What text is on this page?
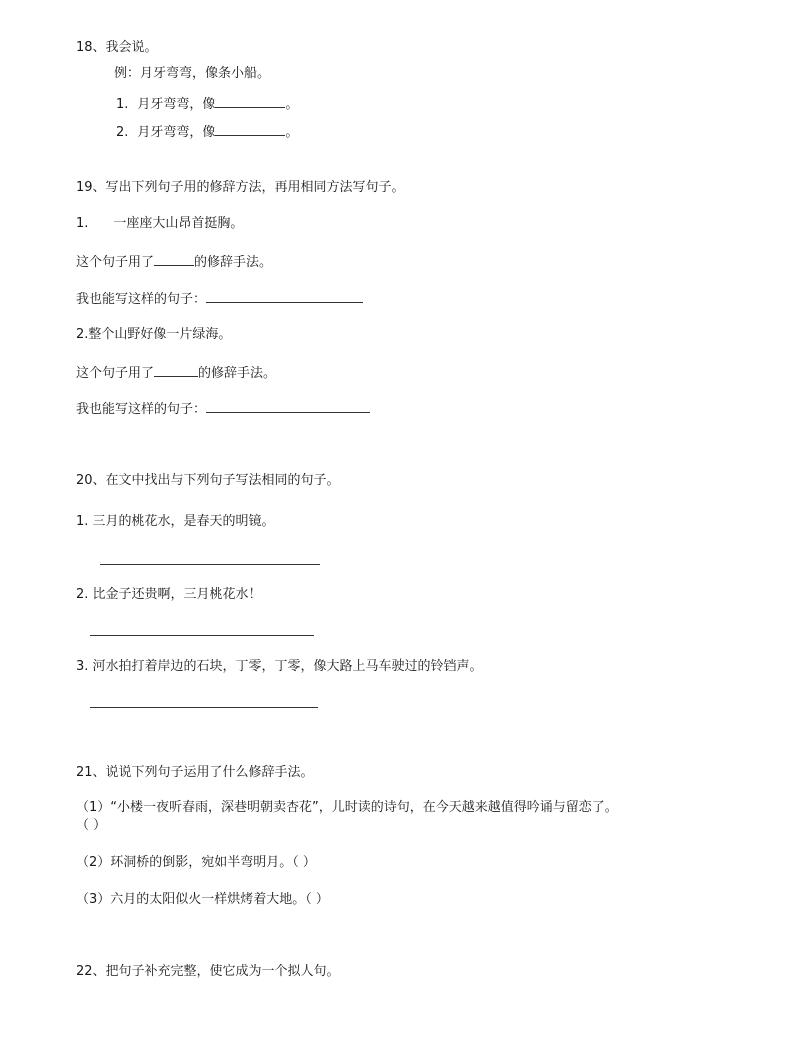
18、我会说。
例：月牙弯弯，像条小船。
1. 月牙弯弯，像	。
2. 月牙弯弯，像	。
19、写出下列句子用的修辞方法，再用相同方法写句子。
1. 一座座大山昂首挺胸。
这个句子用了	的修辞手法。
我也能写这样的句子：
2.整个山野好像一片绿海。
这个句子用了	的修辞手法。
我也能写这样的句子：
20、在文中找出与下列句子写法相同的句子。
1. 三月的桃花水，是春天的明镜。
2. 比金子还贵啊，三月桃花水！
3. 河水拍打着岸边的石块，丁零，丁零，像大路上马车驶过的铃铛声。
21、说说下列句子运用了什么修辞手法。
（1）“小楼一夜听春雨，深巷明朝卖杏花”，儿时读的诗句，在今天越来越值得吟诵与留恋了。
（ ）
（2）环洞桥的倒影，宛如半弯明月。（ ）
（3）六月的太阳似火一样烘烤着大地。（ ）
22、把句子补充完整，使它成为一个拟人句。
